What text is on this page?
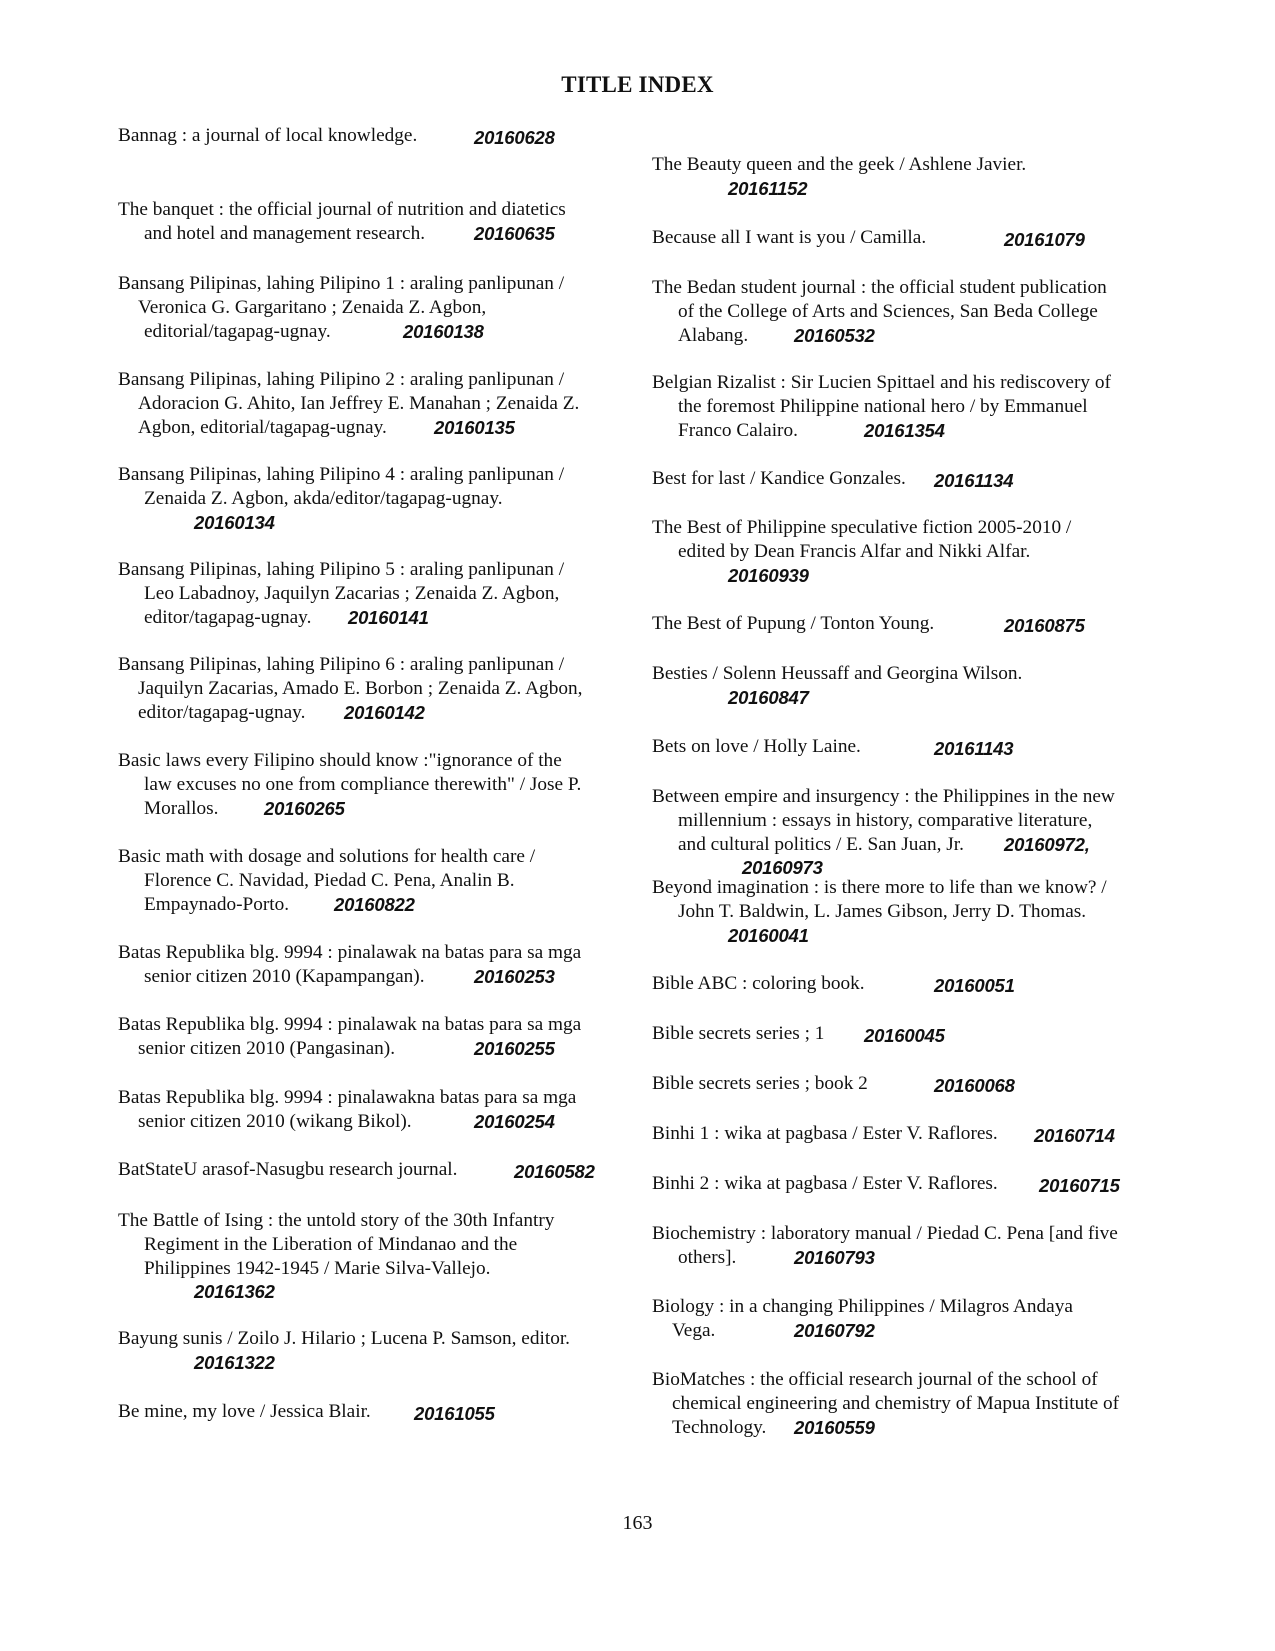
TITLE INDEX
Bannag : a journal of local knowledge.	20160628
The banquet : the official journal of nutrition and diatetics
and hotel and management research.	20160635
Bansang Pilipinas, lahing Pilipino 1 : araling panlipunan /
Veronica G. Gargaritano ; Zenaida Z. Agbon,
editorial/tagapag-ugnay.	20160138
Bansang Pilipinas, lahing Pilipino 2 : araling panlipunan /
Adoracion G. Ahito, Ian Jeffrey E. Manahan ; Zenaida Z.
Agbon, editorial/tagapag-ugnay.	20160135
Bansang Pilipinas, lahing Pilipino 4 : araling panlipunan /
Zenaida Z. Agbon, akda/editor/tagapag-ugnay.
20160134
Bansang Pilipinas, lahing Pilipino 5 : araling panlipunan /
Leo Labadnoy, Jaquilyn Zacarias ; Zenaida Z. Agbon,
editor/tagapag-ugnay. 20160141
Bansang Pilipinas, lahing Pilipino 6 : araling panlipunan /
Jaquilyn Zacarias, Amado E. Borbon ; Zenaida Z. Agbon,
editor/tagapag-ugnay. 20160142
Basic laws every Filipino should know :"ignorance of the
law excuses no one from compliance therewith" / Jose P.
Morallos. 20160265
Basic math with dosage and solutions for health care /
Florence C. Navidad, Piedad C. Pena, Analin B.
Empaynado-Porto. 20160822
Batas Republika blg. 9994 : pinalawak na batas para sa mga
senior citizen 2010 (Kapampangan).	20160253
Batas Republika blg. 9994 : pinalawak na batas para sa mga
senior citizen 2010 (Pangasinan).	20160255
Batas Republika blg. 9994 : pinalawakna batas para sa mga
senior citizen 2010 (wikang Bikol).	20160254
BatStateU arasof-Nasugbu research journal.	20160582
The Battle of Ising : the untold story of the 30th Infantry
Regiment in the Liberation of Mindanao and the
Philippines 1942-1945 / Marie Silva-Vallejo.
20161362
Bayung sunis / Zoilo J. Hilario ; Lucena P. Samson, editor.
20161322
Be mine, my love / Jessica Blair.	20161055
The Beauty queen and the geek / Ashlene Javier.
20161152
Because all I want is you / Camilla.	20161079
The Bedan student journal : the official student publication
of the College of Arts and Sciences, San Beda College
Alabang. 20160532
Belgian Rizalist : Sir Lucien Spittael and his rediscovery of
the foremost Philippine national hero / by Emmanuel
Franco Calairo.	20161354
Best for last / Kandice Gonzales.	20161134
The Best of Philippine speculative fiction 2005-2010 /
edited by Dean Francis Alfar and Nikki Alfar.
20160939
The Best of Pupung / Tonton Young.	20160875
Besties / Solenn Heussaff and Georgina Wilson.
20160847
Bets on love / Holly Laine.	20161143
Between empire and insurgency : the Philippines in the new
millennium : essays in history, comparative literature,
and cultural politics / E. San Juan, Jr. 20160972,
20160973
Beyond imagination : is there more to life than we know? /
John T. Baldwin, L. James Gibson, Jerry D. Thomas.
20160041
Bible ABC : coloring book.	20160051
Bible secrets series ; 1	20160045
Bible secrets series ; book 2	20160068
Binhi 1 : wika at pagbasa / Ester V. Raflores.	20160714
Binhi 2 : wika at pagbasa / Ester V. Raflores.	20160715
Biochemistry : laboratory manual / Piedad C. Pena [and five
others].	20160793
Biology : in a changing Philippines / Milagros Andaya
Vega.	20160792
BioMatches : the official research journal of the school of
chemical engineering and chemistry of Mapua Institute of
Technology. 20160559
163
